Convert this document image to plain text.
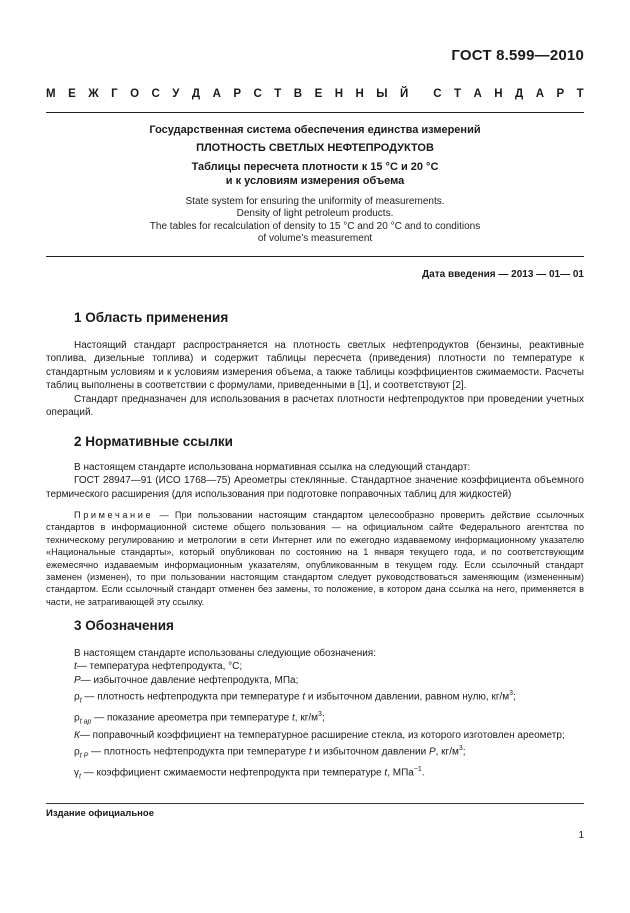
ГОСТ 8.599—2010
М Е Ж Г О С У Д А Р С Т В Е Н Н Ы Й С Т А Н Д А Р Т
Государственная система обеспечения единства измерений
ПЛОТНОСТЬ СВЕТЛЫХ НЕФТЕПРОДУКТОВ
Таблицы пересчета плотности к 15 °С и 20 °С
и к условиям измерения объема
State system for ensuring the uniformity of measurements.
Density of light petroleum products.
The tables for recalculation of density to 15 °С and 20 °С and to conditions
of volume’s measurement
Дата введения — 2013 — 01— 01
1 Область применения

Настоящий стандарт распространяется на плотность светлых нефтепродуктов (бензины, реактивные топлива, дизельные топлива) и содержит таблицы пересчета (приведения) плотности по температуре к стандартным условиям и к условиям измерения объема, а также таблицы коэффициентов сжимаемости. Расчеты таблиц выполнены в соответствии с формулами, приведенными в [1], и соответствуют [2].

Стандарт предназначен для использования в расчетах плотности нефтепродуктов при проведении учетных операций.

2 Нормативные ссылки

В настоящем стандарте использована нормативная ссылка на следующий стандарт:

ГОСТ 28947—91 (ИСО 1768—75) Ареометры стеклянные. Стандартное значение коэффициента объемного термического расширения (для использования при подготовке поправочных таблиц для жидкостей)

Примечание — При пользовании настоящим стандартом целесообразно проверить действие ссылочных стандартов в информационной системе общего пользования — на официальном сайте Федерального агентства по техническому регулированию и метрологии в сети Интернет или по ежегодно издаваемому информационному указателю «Национальные стандарты», который опубликован по состоянию на 1 января текущего года, и по соответствующим ежемесячно издаваемым информационным указателям, опубликованным в текущем году. Если ссылочный стандарт заменен (изменен), то при пользовании настоящим стандартом следует руководствоваться заменяющим (измененным) стандартом. Если ссылочный стандарт отменен без замены, то положение, в котором дана ссылка на него, применяется в части, не затрагивающей эту ссылку.

3 Обозначения

В настоящем стандарте использованы следующие обозначения:

t— температура нефтепродукта, °С;

Р— избыточное давление нефтепродукта, МПа;

$\rho_t$ — плотность нефтепродукта при температуре t и избыточном давлении, равном нулю, $кг/м^3$;

$\rho_{t ар}$ — показание ареометра при температуре t, $кг/м^3$;

К— поправочный коэффициент на температурное расширение стекла, из которого изготовлен ареометр;

$\rho_{t P}$ — плотность нефтепродукта при температуре t и избыточном давлении Р, $кг/м^3$;

$\gamma_t$ — коэффициент сжимаемости нефтепродукта при температуре t, МПа$^{-1}$.

Издание официальное
1
